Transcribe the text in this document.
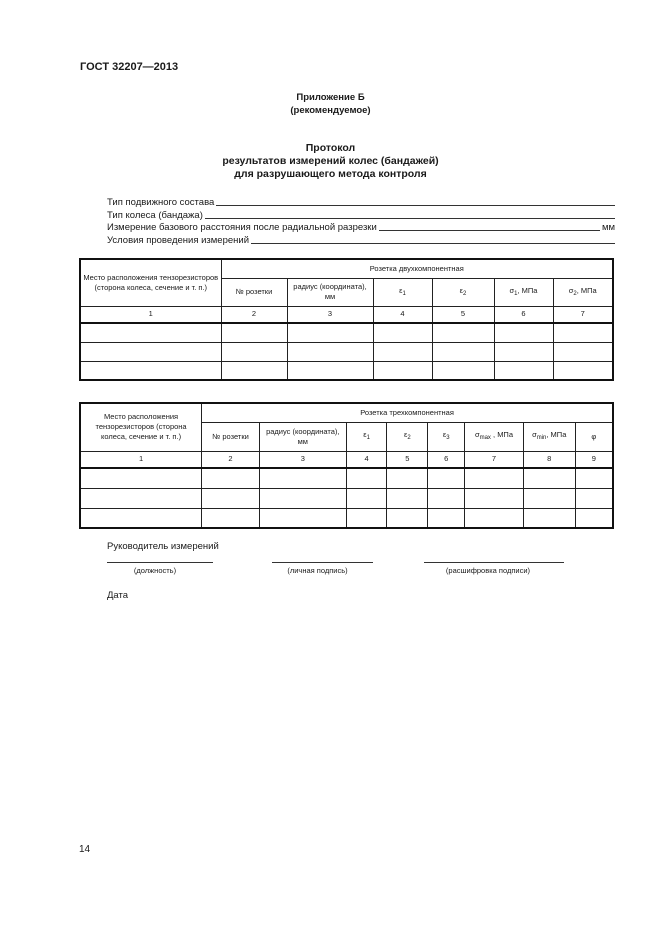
ГОСТ 32207—2013
Приложение Б
(рекомендуемое)
Протокол
результатов измерений колес (бандажей)
для разрушающего метода контроля
Тип подвижного состава
Тип колеса (бандажа)
Измерение базового расстояния после радиальной разрезки	мм
Условия проведения измерений
Место расположения тензорезисторов (сторона колеса, сечение и т. п.)	Розетка двухкомпонентная					
	№ розетки	радиус (координата), мм	$\varepsilon_1$	$\varepsilon_2$	$\sigma_1$, МПа	$\sigma_2$, МПа
1	2	3	4	5	6	7

Место расположения тензорезисторов (сторона колеса, сечение и т. п.)	Розетка трехкомпонентная							
	№ розетки	радиус (координата), мм	$\varepsilon_1$	$\varepsilon_2$	$\varepsilon_3$	$\sigma_{max}$ , МПа	$\sigma_{min}$, МПа	φ
1	2	3	4	5	6	7	8	9

Руководитель измерений
(должность)	(личная подпись)	(расшифровка подписи)
Дата
14
